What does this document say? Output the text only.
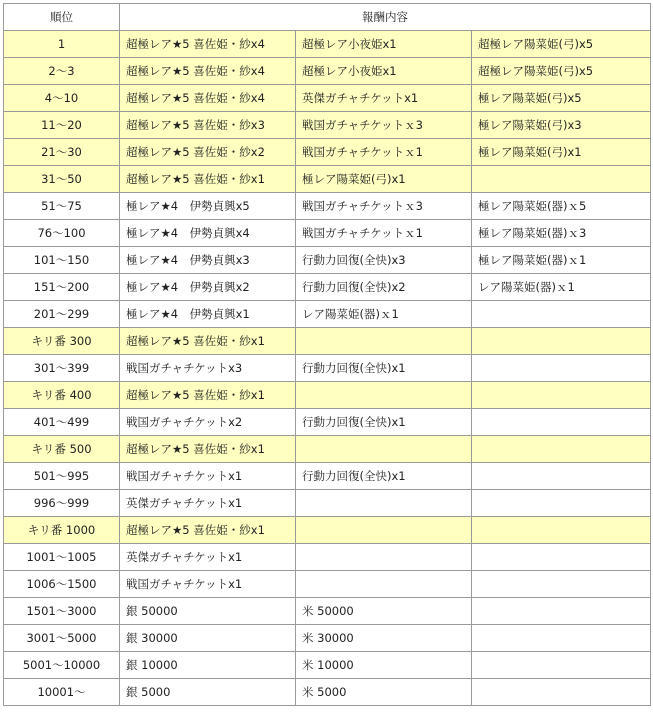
順位	報酬内容		
1	超極レア★5 喜佐姫・紗x4	超極レア小夜姫x1	超極レア陽菜姫(弓)x5
2～3	超極レア★5 喜佐姫・紗x4	超極レア小夜姫x1	超極レア陽菜姫(弓)x5
4～10	超極レア★5 喜佐姫・紗x4	英傑ガチャチケットx1	極レア陽菜姫(弓)x5
11～20	超極レア★5 喜佐姫・紗x3	戦国ガチャチケットｘ3	極レア陽菜姫(弓)x3
21～30	超極レア★5 喜佐姫・紗x2	戦国ガチャチケットｘ1	極レア陽菜姫(弓)x1
31～50	超極レア★5 喜佐姫・紗x1	極レア陽菜姫(弓)x1	
51～75	極レア★4　伊勢貞興x5	戦国ガチャチケットｘ3	極レア陽菜姫(器)ｘ5
76～100	極レア★4　伊勢貞興x4	戦国ガチャチケットｘ1	極レア陽菜姫(器)ｘ3
101～150	極レア★4　伊勢貞興x3	行動力回復(全快)x3	極レア陽菜姫(器)ｘ1
151～200	極レア★4　伊勢貞興x2	行動力回復(全快)x2	レア陽菜姫(器)ｘ1
201～299	極レア★4　伊勢貞興x1	レア陽菜姫(器)ｘ1	
キリ番 300	超極レア★5 喜佐姫・紗x1		
301～399	戦国ガチャチケットx3	行動力回復(全快)x1	
キリ番 400	超極レア★5 喜佐姫・紗x1		
401～499	戦国ガチャチケットx2	行動力回復(全快)x1	
キリ番 500	超極レア★5 喜佐姫・紗x1		
501～995	戦国ガチャチケットx1	行動力回復(全快)x1	
996～999	英傑ガチャチケットx1		
キリ番 1000	超極レア★5 喜佐姫・紗x1		
1001～1005	英傑ガチャチケットx1		
1006～1500	戦国ガチャチケットx1		
1501～3000	銀 50000	米 50000	
3001～5000	銀 30000	米 30000	
5001～10000	銀 10000	米 10000	
10001～	銀 5000	米 5000	
